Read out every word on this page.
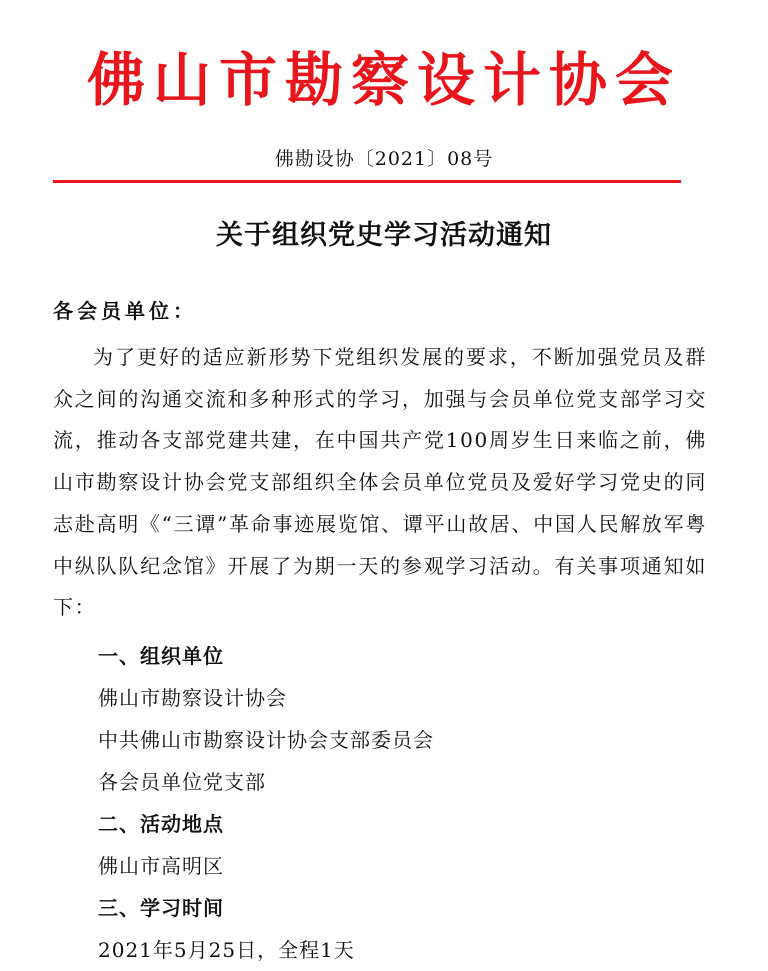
佛山市勘察设计协会
佛勘设协〔2021〕08号
关于组织党史学习活动通知
各会员单位：
为了更好的适应新形势下党组织发展的要求，不断加强党员及群众之间的沟通交流和多种形式的学习，加强与会员单位党支部学习交流，推动各支部党建共建，在中国共产党100周岁生日来临之前，佛山市勘察设计协会党支部组织全体会员单位党员及爱好学习党史的同志赴高明《“三谭”革命事迹展览馆、谭平山故居、中国人民解放军粤中纵队队纪念馆》开展了为期一天的参观学习活动。有关事项通知如下：
一、组织单位
佛山市勘察设计协会
中共佛山市勘察设计协会支部委员会
各会员单位党支部
二、活动地点
佛山市高明区
三、学习时间
2021年5月25日，全程1天
